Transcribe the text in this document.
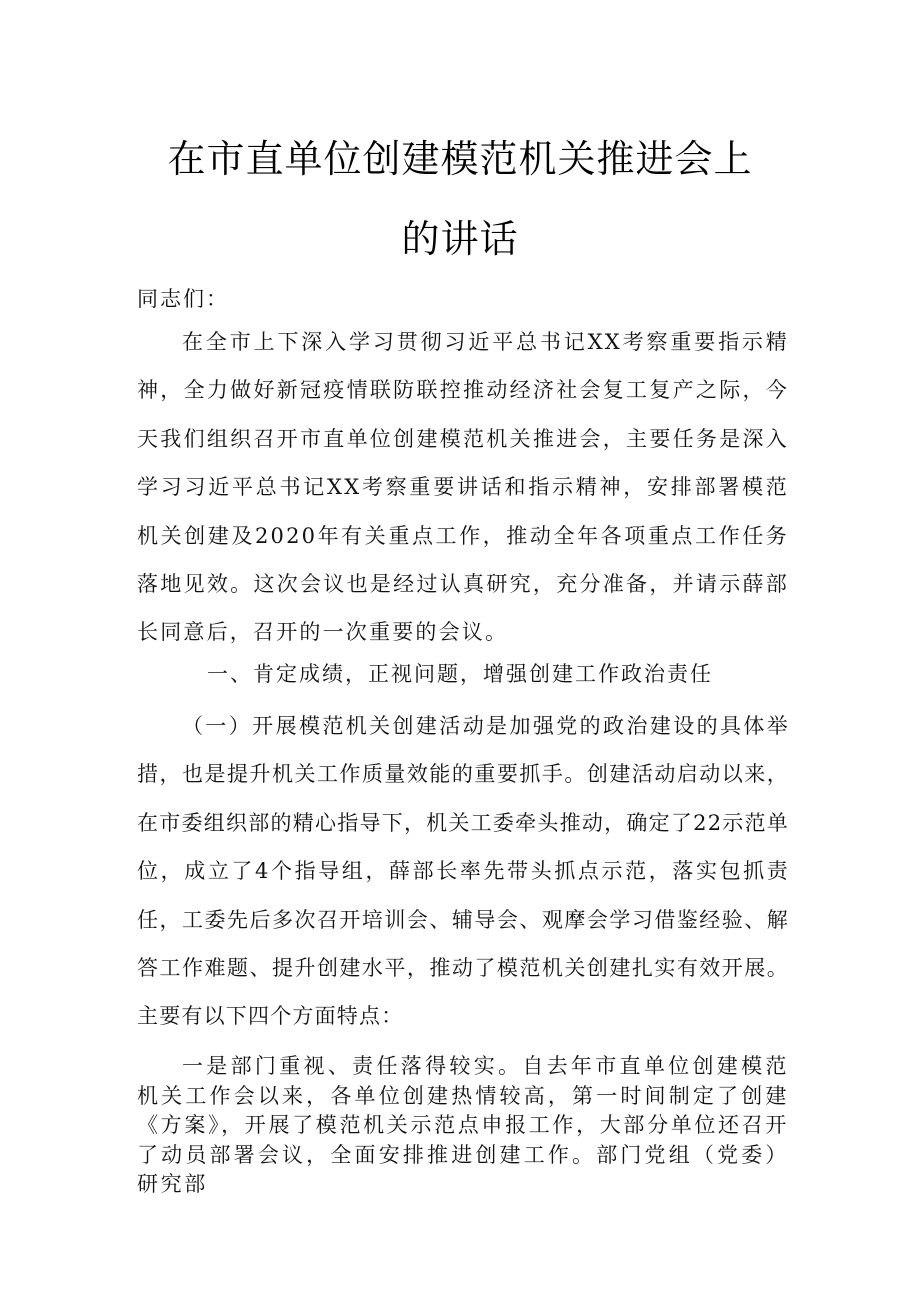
在市直单位创建模范机关推进会上
的讲话
同志们：

在全市上下深入学习贯彻习近平总书记XX考察重要指示精神，全力做好新冠疫情联防联控推动经济社会复工复产之际，今天我们组织召开市直单位创建模范机关推进会，主要任务是深入学习习近平总书记XX考察重要讲话和指示精神，安排部署模范机关创建及2020年有关重点工作，推动全年各项重点工作任务落地见效。这次会议也是经过认真研究，充分准备，并请示薛部长同意后，召开的一次重要的会议。

一、肯定成绩，正视问题，增强创建工作政治责任

（一）开展模范机关创建活动是加强党的政治建设的具体举措，也是提升机关工作质量效能的重要抓手。创建活动启动以来，在市委组织部的精心指导下，机关工委牵头推动，确定了22示范单位，成立了4个指导组，薛部长率先带头抓点示范，落实包抓责任，工委先后多次召开培训会、辅导会、观摩会学习借鉴经验、解答工作难题、提升创建水平，推动了模范机关创建扎实有效开展。主要有以下四个方面特点：

一是部门重视、责任落得较实。自去年市直单位创建模范机关工作会以来，各单位创建热情较高，第一时间制定了创建《方案》，开展了模范机关示范点申报工作，大部分单位还召开了动员部署会议，全面安排推进创建工作。部门党组（党委）研究部
